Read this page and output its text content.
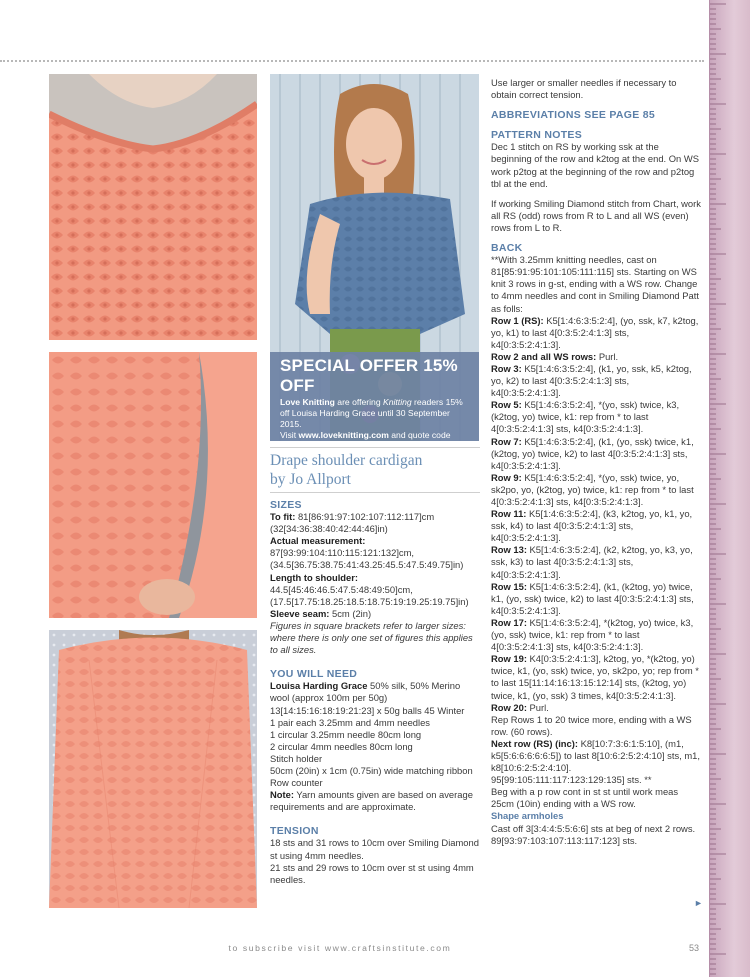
SPECIAL OFFER 15% OFF
Love Knitting are offering Knitting readers 15% off Louisa Harding Grace until 30 September 2015.
Visit www.loveknitting.com and quote code LOVELHG to receive your discount.
Drape shoulder cardigan
by Jo Allport
SIZES
To fit: 81[86:91:97:102:107:112:117]cm (32[34:36:38:40:42:44:46]in)
Actual measurement:
87[93:99:104:110:115:121:132]cm, (34.5[36.75:38.75:41:43.25:45.5:47.5:49.75]in)
Length to shoulder:
44.5[45:46:46.5:47.5:48:49:50]cm, (17.5[17.75:18.25:18.5:18.75:19:19.25:19.75]in)
Sleeve seam: 5cm (2in)
Figures in square brackets refer to larger sizes: where there is only one set of figures this applies to all sizes.
YOU WILL NEED
Louisa Harding Grace 50% silk, 50% Merino wool (approx 100m per 50g) 13[14:15:16:18:19:21:23] x 50g balls 45 Winter
1 pair each 3.25mm and 4mm needles
1 circular 3.25mm needle 80cm long
2 circular 4mm needles 80cm long
Stitch holder
50cm (20in) x 1cm (0.75in) wide matching ribbon
Row counter
Note: Yarn amounts given are based on average requirements and are approximate.
TENSION
18 sts and 31 rows to 10cm over Smiling Diamond st using 4mm needles.
21 sts and 29 rows to 10cm over st st using 4mm needles.
Use larger or smaller needles if necessary to obtain correct tension.
ABBREVIATIONS SEE PAGE 85
PATTERN NOTES
Dec 1 stitch on RS by working ssk at the beginning of the row and k2tog at the end. On WS work p2tog at the beginning of the row and p2tog tbl at the end.
If working Smiling Diamond stitch from Chart, work all RS (odd) rows from R to L and all WS (even) rows from L to R.
BACK
**With 3.25mm knitting needles, cast on 81[85:91:95:101:105:111:115] sts. Starting on WS knit 3 rows in g-st, ending with a WS row. Change to 4mm needles and cont in Smiling Diamond Patt as folls:
Row 1 (RS): K5[1:4:6:3:5:2:4], (yo, ssk, k7, k2tog, yo, k1) to last 4[0:3:5:2:4:1:3] sts, k4[0:3:5:2:4:1:3].
Row 2 and all WS rows: Purl.
Row 3: K5[1:4:6:3:5:2:4], (k1, yo, ssk, k5, k2tog, yo, k2) to last 4[0:3:5:2:4:1:3] sts, k4[0:3:5:2:4:1:3].
Row 5: K5[1:4:6:3:5:2:4], *(yo, ssk) twice, k3, (k2tog, yo) twice, k1: rep from * to last 4[0:3:5:2:4:1:3] sts, k4[0:3:5:2:4:1:3].
Row 7: K5[1:4:6:3:5:2:4], (k1, (yo, ssk) twice, k1, (k2tog, yo) twice, k2) to last 4[0:3:5:2:4:1:3] sts, k4[0:3:5:2:4:1:3].
Row 9: K5[1:4:6:3:5:2:4], *(yo, ssk) twice, yo, sk2po, yo, (k2tog, yo) twice, k1: rep from * to last 4[0:3:5:2:4:1:3] sts, k4[0:3:5:2:4:1:3].
Row 11: K5[1:4:6:3:5:2:4], (k3, k2tog, yo, k1, yo, ssk, k4) to last 4[0:3:5:2:4:1:3] sts, k4[0:3:5:2:4:1:3].
Row 13: K5[1:4:6:3:5:2:4], (k2, k2tog, yo, k3, yo, ssk, k3) to last 4[0:3:5:2:4:1:3] sts, k4[0:3:5:2:4:1:3].
Row 15: K5[1:4:6:3:5:2:4], (k1, (k2tog, yo) twice, k1, (yo, ssk) twice, k2) to last 4[0:3:5:2:4:1:3] sts, k4[0:3:5:2:4:1:3].
Row 17: K5[1:4:6:3:5:2:4], *(k2tog, yo) twice, k3, (yo, ssk) twice, k1: rep from * to last 4[0:3:5:2:4:1:3] sts, k4[0:3:5:2:4:1:3].
Row 19: K4[0:3:5:2:4:1:3], k2tog, yo, *(k2tog, yo) twice, k1, (yo, ssk) twice, yo, sk2po, yo; rep from * to last 15[11:14:16:13:15:12:14] sts, (k2tog, yo) twice, k1, (yo, ssk) 3 times, k4[0:3:5:2:4:1:3].
Row 20: Purl.
Rep Rows 1 to 20 twice more, ending with a WS row. (60 rows).
Next row (RS) (inc): K8[10:7:3:6:1:5:10], (m1, k5[5:6:6:6:6:6:5]) to last 8[10:6:2:5:2:4:10] sts, m1, k8[10:6:2:5:2:4:10]. 95[99:105:111:117:123:129:135] sts. **
Beg with a p row cont in st st until work meas 25cm (10in) ending with a WS row.
Shape armholes
Cast off 3[3:4:4:5:5:6:6] sts at beg of next 2 rows. 89[93:97:103:107:113:117:123] sts.
►
to subscribe visit www.craftsinstitute.com	53
